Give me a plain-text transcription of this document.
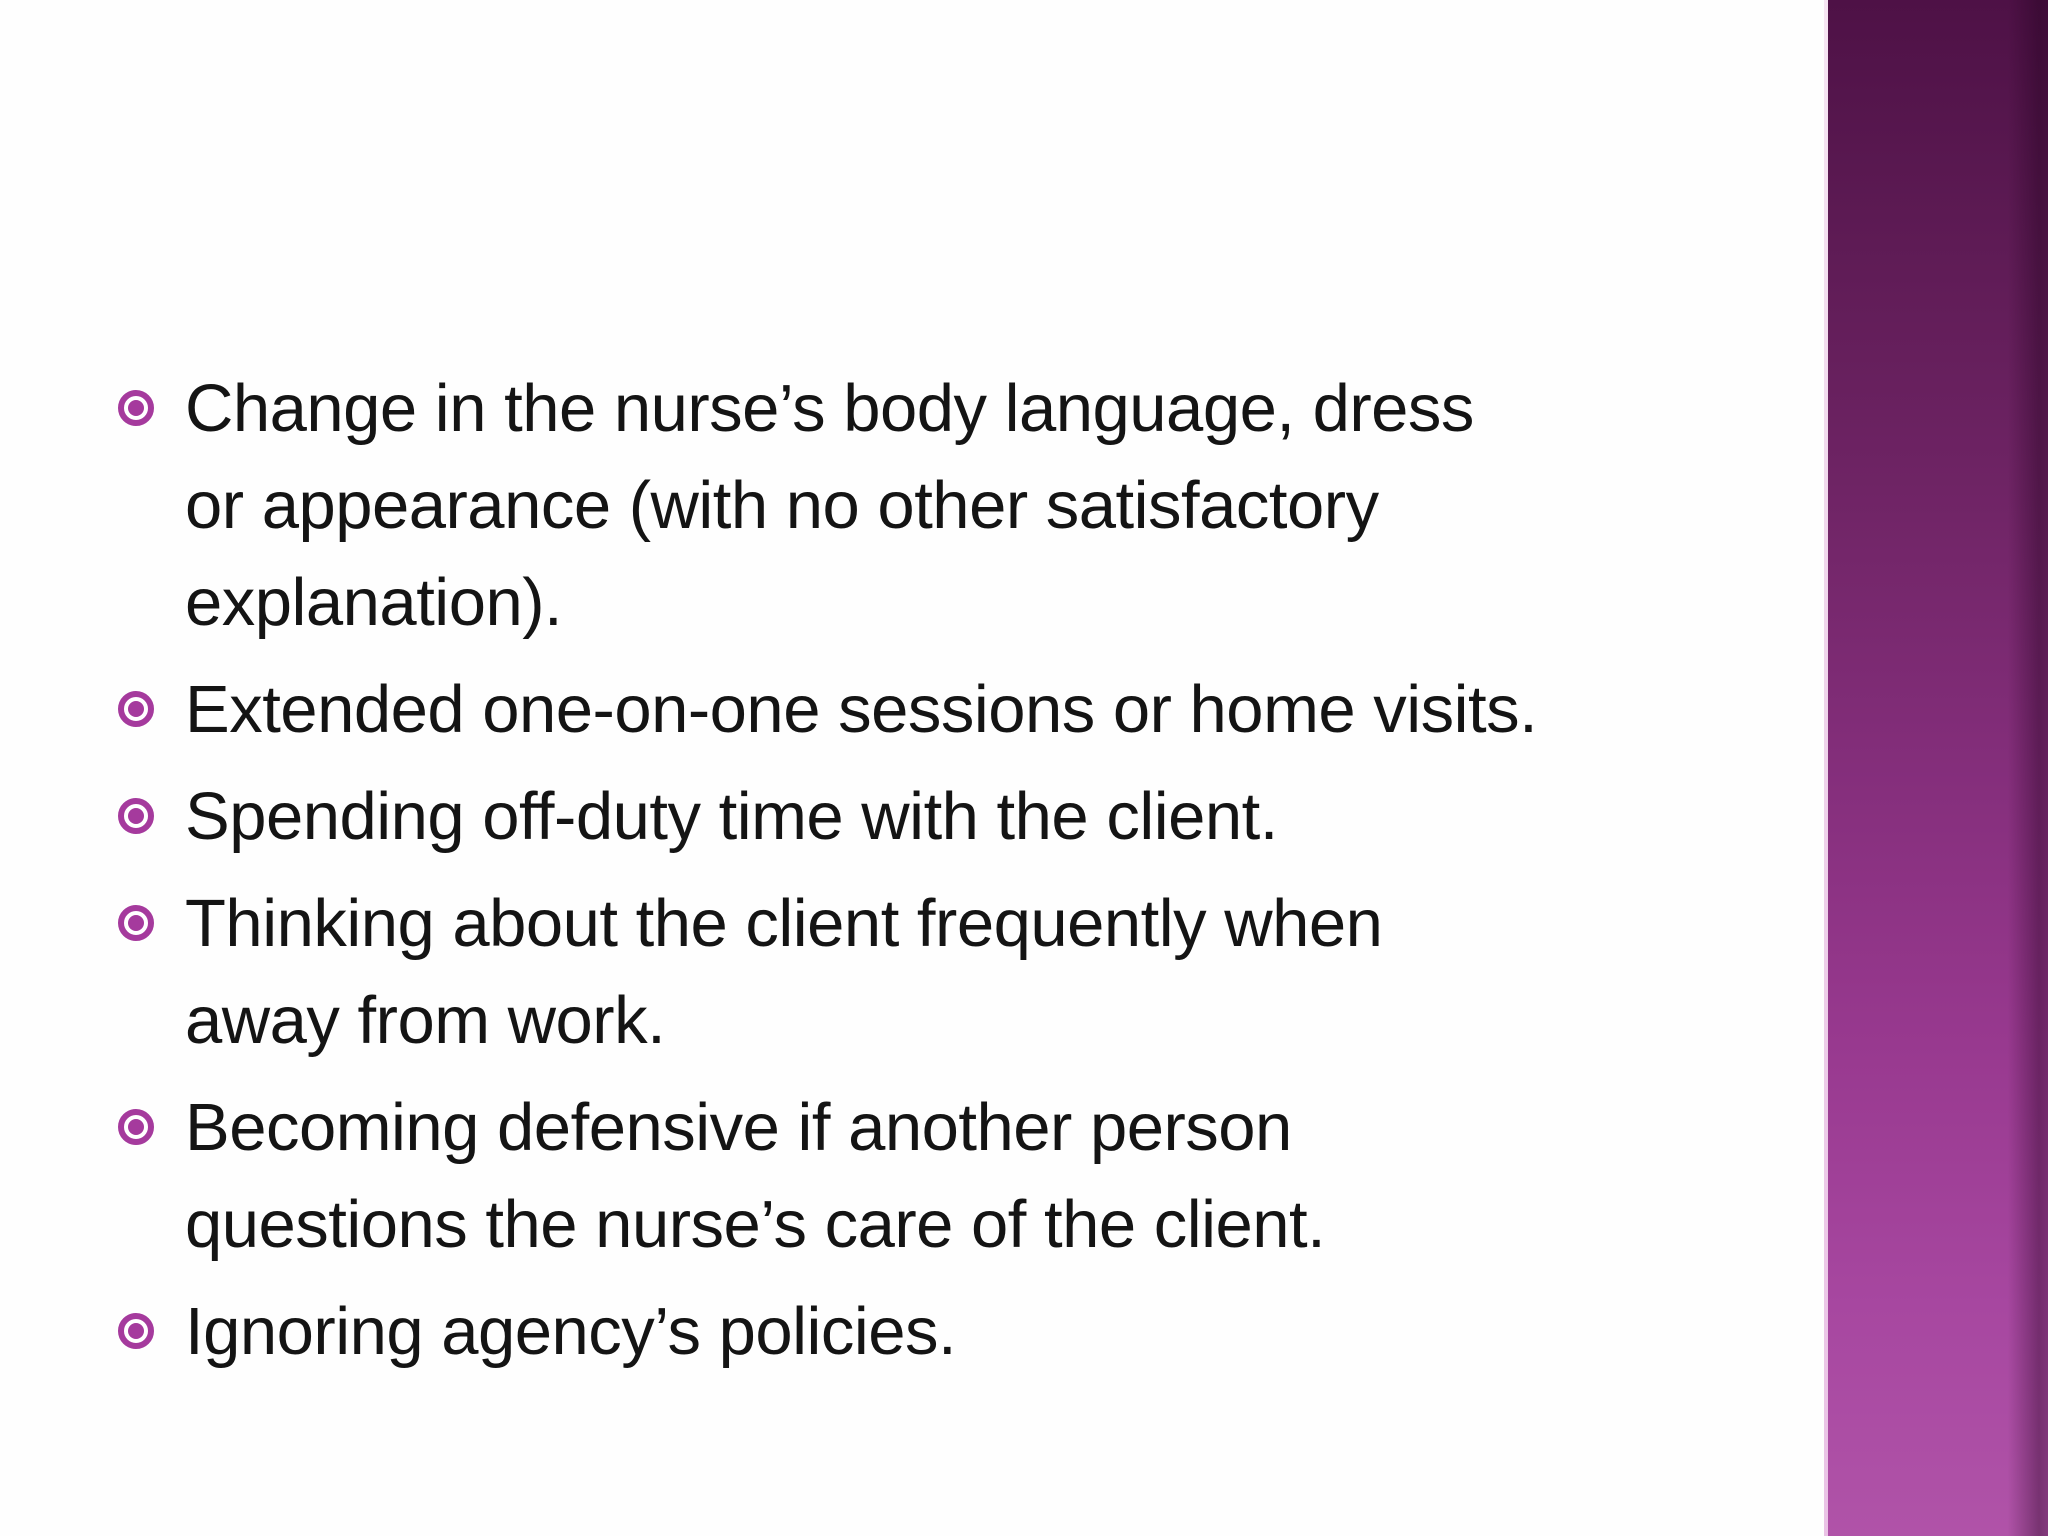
Change in the nurse’s body language, dress
or appearance (with no other satisfactory
explanation).
Extended one-on-one sessions or home visits.
Spending off-duty time with the client.
Thinking about the client frequently when
away from work.
Becoming defensive if another person
questions the nurse’s care of the client.
Ignoring agency’s policies.
